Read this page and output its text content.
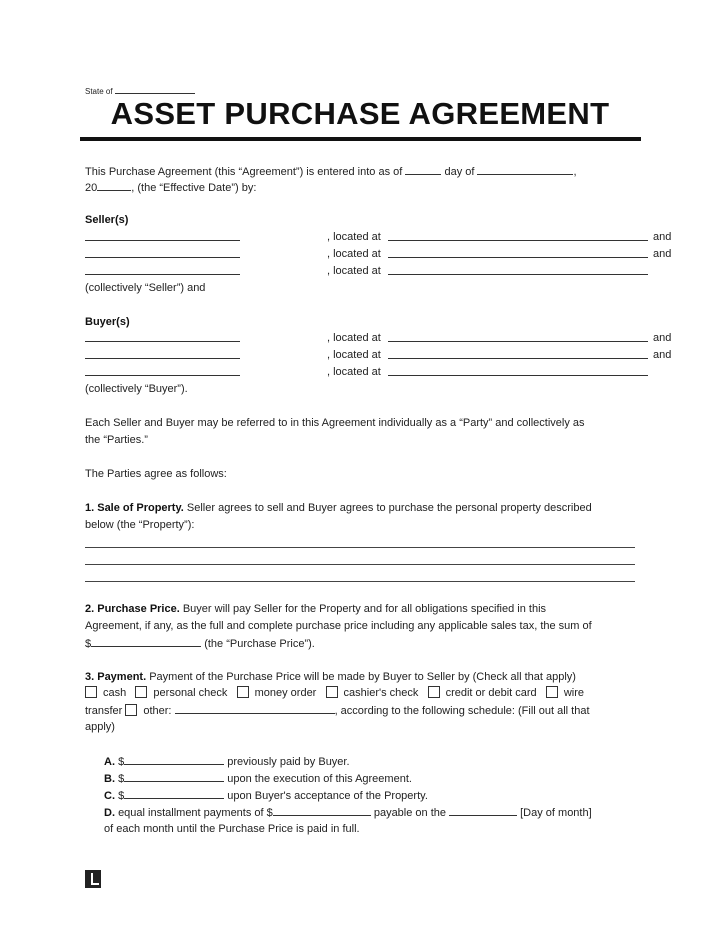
State of
ASSET PURCHASE AGREEMENT
This Purchase Agreement (this “Agreement”) is entered into as of	day of	,
20	, (the “Effective Date”) by:
Seller(s)
, located at	and
, located at	and
, located at
(collectively “Seller”) and
Buyer(s)
, located at	and
, located at	and
, located at
(collectively “Buyer”).
Each Seller and Buyer may be referred to in this Agreement individually as a “Party” and collectively as
the “Parties.”
The Parties agree as follows:
1. Sale of Property. Seller agrees to sell and Buyer agrees to purchase the personal property described
below (the “Property”):
2. Purchase Price. Buyer will pay Seller for the Property and for all obligations specified in this
Agreement, if any, as the full and complete purchase price including any applicable sales tax, the sum of
$	(the “Purchase Price”).
3. Payment. Payment of the Purchase Price will be made by Buyer to Seller by (Check all that apply)
cash personal check money order cashier's check credit or debit card wire
transfer other:	, according to the following schedule: (Fill out all that
apply)
A. $	previously paid by Buyer.
B. $	upon the execution of this Agreement.
C. $	upon Buyer's acceptance of the Property.
D. equal installment payments of $	payable on the	[Day of month]
of each month until the Purchase Price is paid in full.
